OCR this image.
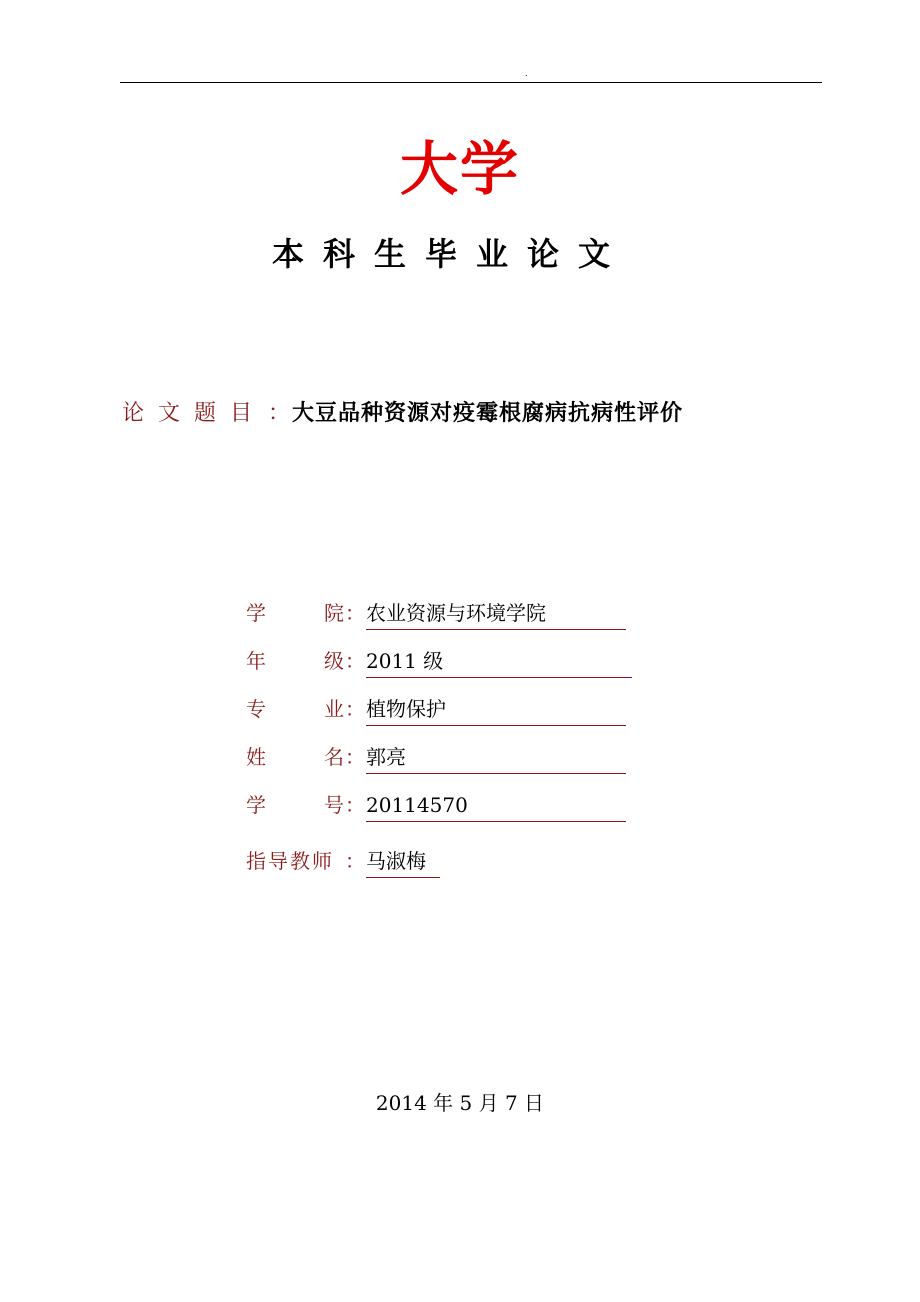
.
大学
本科生毕业论文
论文题目：大豆品种资源对疫霉根腐病抗病性评价
学	院 ：农业资源与环境学院
年	级 ：2011 级
专	业 ：植物保护
姓	名 ：郭亮
学	号 ：20114570
指导教师 ：马淑梅
2014 年 5 月 7 日
